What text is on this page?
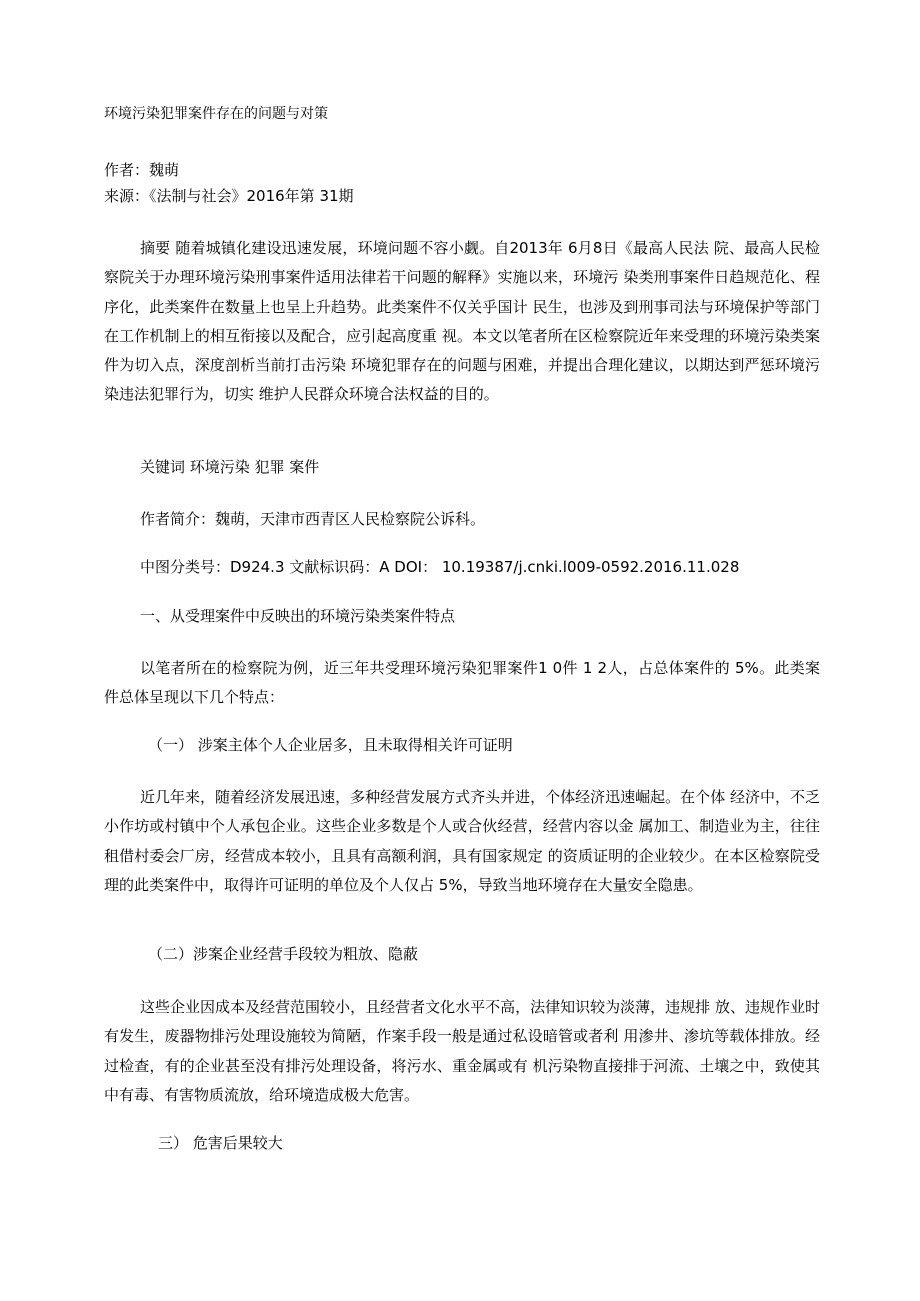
环境污染犯罪案件存在的问题与对策
作者：魏萌
来源：《法制与社会》2016年第 31期
摘要 随着城镇化建设迅速发展，环境问题不容小觑。自2013年 6月8日《最高人民法 院、最高人民检察院关于办理环境污染刑事案件适用法律若干问题的解释》实施以来，环境污 染类刑事案件日趋规范化、程序化，此类案件在数量上也呈上升趋势。此类案件不仅关乎国计 民生，也涉及到刑事司法与环境保护等部门在工作机制上的相互衔接以及配合，应引起高度重 视。本文以笔者所在区检察院近年来受理的环境污染类案件为切入点，深度剖析当前打击污染 环境犯罪存在的问题与困难，并提出合理化建议，以期达到严惩环境污染违法犯罪行为，切实 维护人民群众环境合法权益的目的。
关键词 环境污染 犯罪 案件
作者简介：魏萌，天津市西青区人民检察院公诉科。
中图分类号：D924.3 文献标识码：A DOI： 10.19387/j.cnki.l009-0592.2016.11.028
一、从受理案件中反映出的环境污染类案件特点
以笔者所在的检察院为例，近三年共受理环境污染犯罪案件1 0件 1 2人，占总体案件的 5%。此类案件总体呈现以下几个特点：
（一） 涉案主体个人企业居多，且未取得相关许可证明
近几年来，随着经济发展迅速，多种经营发展方式齐头并进，个体经济迅速崛起。在个体 经济中，不乏小作坊或村镇中个人承包企业。这些企业多数是个人或合伙经营，经营内容以金 属加工、制造业为主，往往租借村委会厂房，经营成本较小，且具有高额利润，具有国家规定 的资质证明的企业较少。在本区检察院受理的此类案件中，取得许可证明的单位及个人仅占 5%，导致当地环境存在大量安全隐患。
（二）涉案企业经营手段较为粗放、隐蔽
这些企业因成本及经营范围较小，且经营者文化水平不高，法律知识较为淡薄，违规排 放、违规作业时有发生，废器物排污处理设施较为简陋，作案手段一般是通过私设暗管或者利 用渗井、渗坑等载体排放。经过检查，有的企业甚至没有排污处理设备，将污水、重金属或有 机污染物直接排于河流、土壤之中，致使其中有毒、有害物质流放，给环境造成极大危害。
三） 危害后果较大
